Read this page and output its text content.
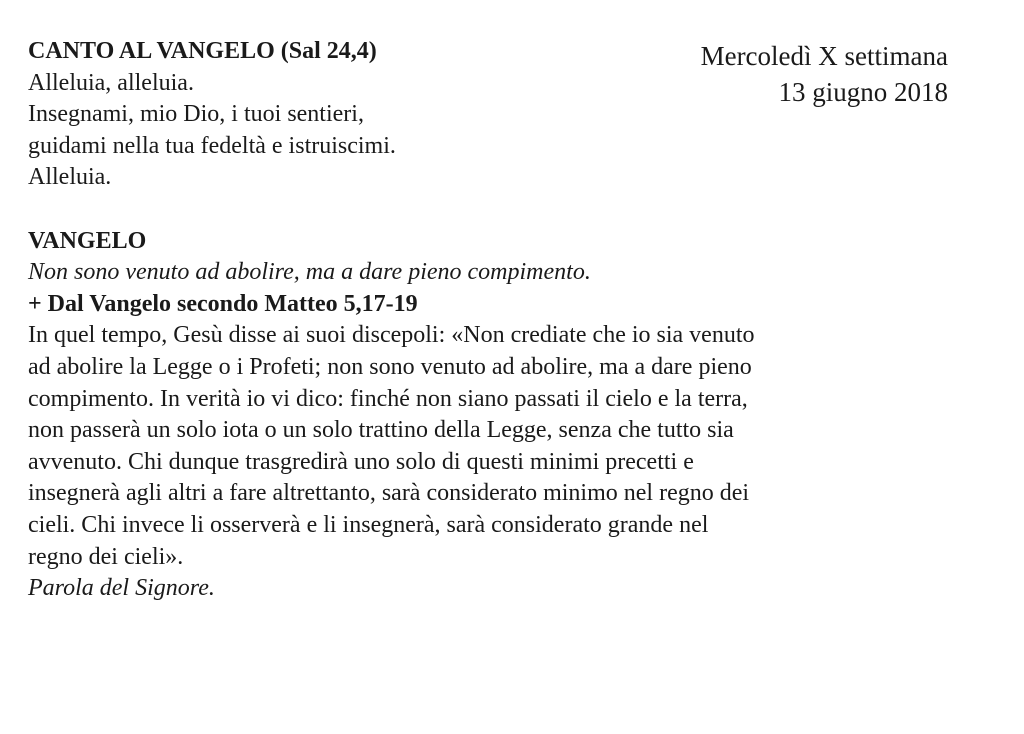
Mercoledì X settimana
13 giugno 2018
CANTO AL VANGELO (Sal 24,4)
Alleluia, alleluia.
Insegnami, mio Dio, i tuoi sentieri,
guidami nella tua fedeltà e istruiscimi.
Alleluia.
VANGELO
Non sono venuto ad abolire, ma a dare pieno compimento.
+ Dal Vangelo secondo Matteo 5,17-19
In quel tempo, Gesù disse ai suoi discepoli: «Non crediate che io sia venuto
ad abolire la Legge o i Profeti; non sono venuto ad abolire, ma a dare pieno
compimento. In verità io vi dico: finché non siano passati il cielo e la terra,
non passerà un solo iota o un solo trattino della Legge, senza che tutto sia
avvenuto. Chi dunque trasgredirà uno solo di questi minimi precetti e
insegnerà agli altri a fare altrettanto, sarà considerato minimo nel regno dei
cieli. Chi invece li osserverà e li insegnerà, sarà considerato grande nel
regno dei cieli».
Parola del Signore.
